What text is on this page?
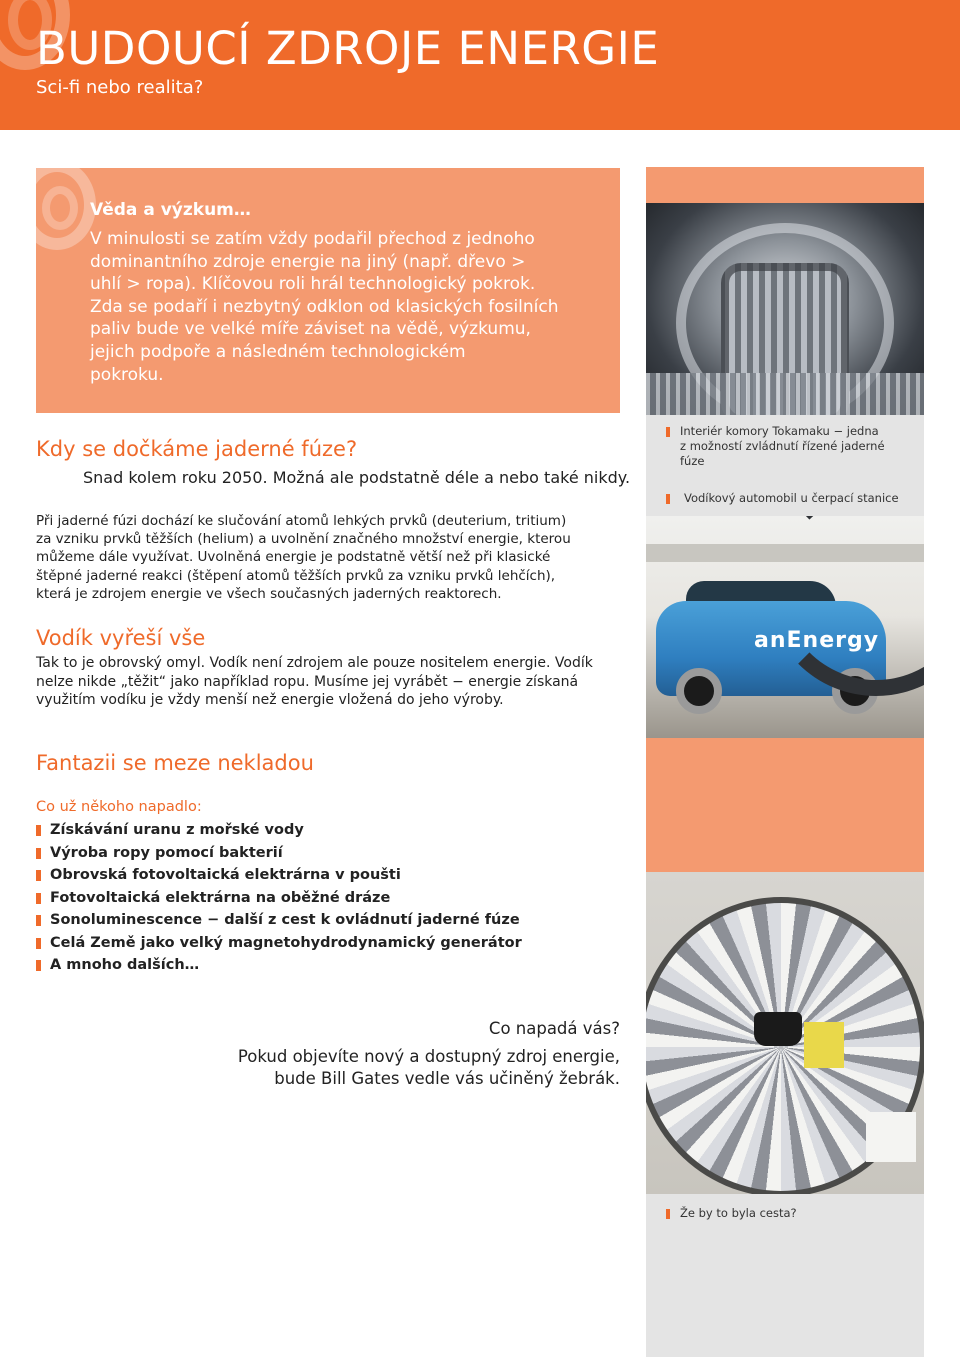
BUDOUCÍ ZDROJE ENERGIE
Sci-fi nebo realita?
Interiér komory Tokamaku − jedna
z možností zvládnutí řízené jaderné
fúze
Vodíkový automobil u čerpací stanice
anEnergy
Že by to byla cesta?
Věda a výzkum…
V minulosti se zatím vždy podařil přechod z jednoho
dominantního zdroje energie na jiný (např. dřevo >
uhlí > ropa). Klíčovou roli hrál technologický pokrok.
Zda se podaří i nezbytný odklon od klasických fosilních
paliv bude ve velké míře záviset na vědě, výzkumu,
jejich podpoře a následném technologickém
pokroku.
Kdy se dočkáme jaderné fúze?
Snad kolem roku 2050. Možná ale podstatně déle a nebo také nikdy.
Při jaderné fúzi dochází ke slučování atomů lehkých prvků (deuterium, tritium)
za vzniku prvků těžších (helium) a uvolnění značného množství energie, kterou
můžeme dále využívat. Uvolněná energie je podstatně větší než při klasické
štěpné jaderné reakci (štěpení atomů těžších prvků za vzniku prvků lehčích),
která je zdrojem energie ve všech současných jaderných reaktorech.
Vodík vyřeší vše
Tak to je obrovský omyl. Vodík není zdrojem ale pouze nositelem energie. Vodík
nelze nikde „těžit“ jako například ropu. Musíme jej vyrábět − energie získaná
využitím vodíku je vždy menší než energie vložená do jeho výroby.
Fantazii se meze nekladou
Co už někoho napadlo:
Získávání uranu z mořské vody
Výroba ropy pomocí bakterií
Obrovská fotovoltaická elektrárna v poušti
Fotovoltaická elektrárna na oběžné dráze
Sonoluminescence − další z cest k ovládnutí jaderné fúze
Celá Země jako velký magnetohydrodynamický generátor
A mnoho dalších…
Co napadá vás?
Pokud objevíte nový a dostupný zdroj energie,
bude Bill Gates vedle vás učiněný žebrák.
